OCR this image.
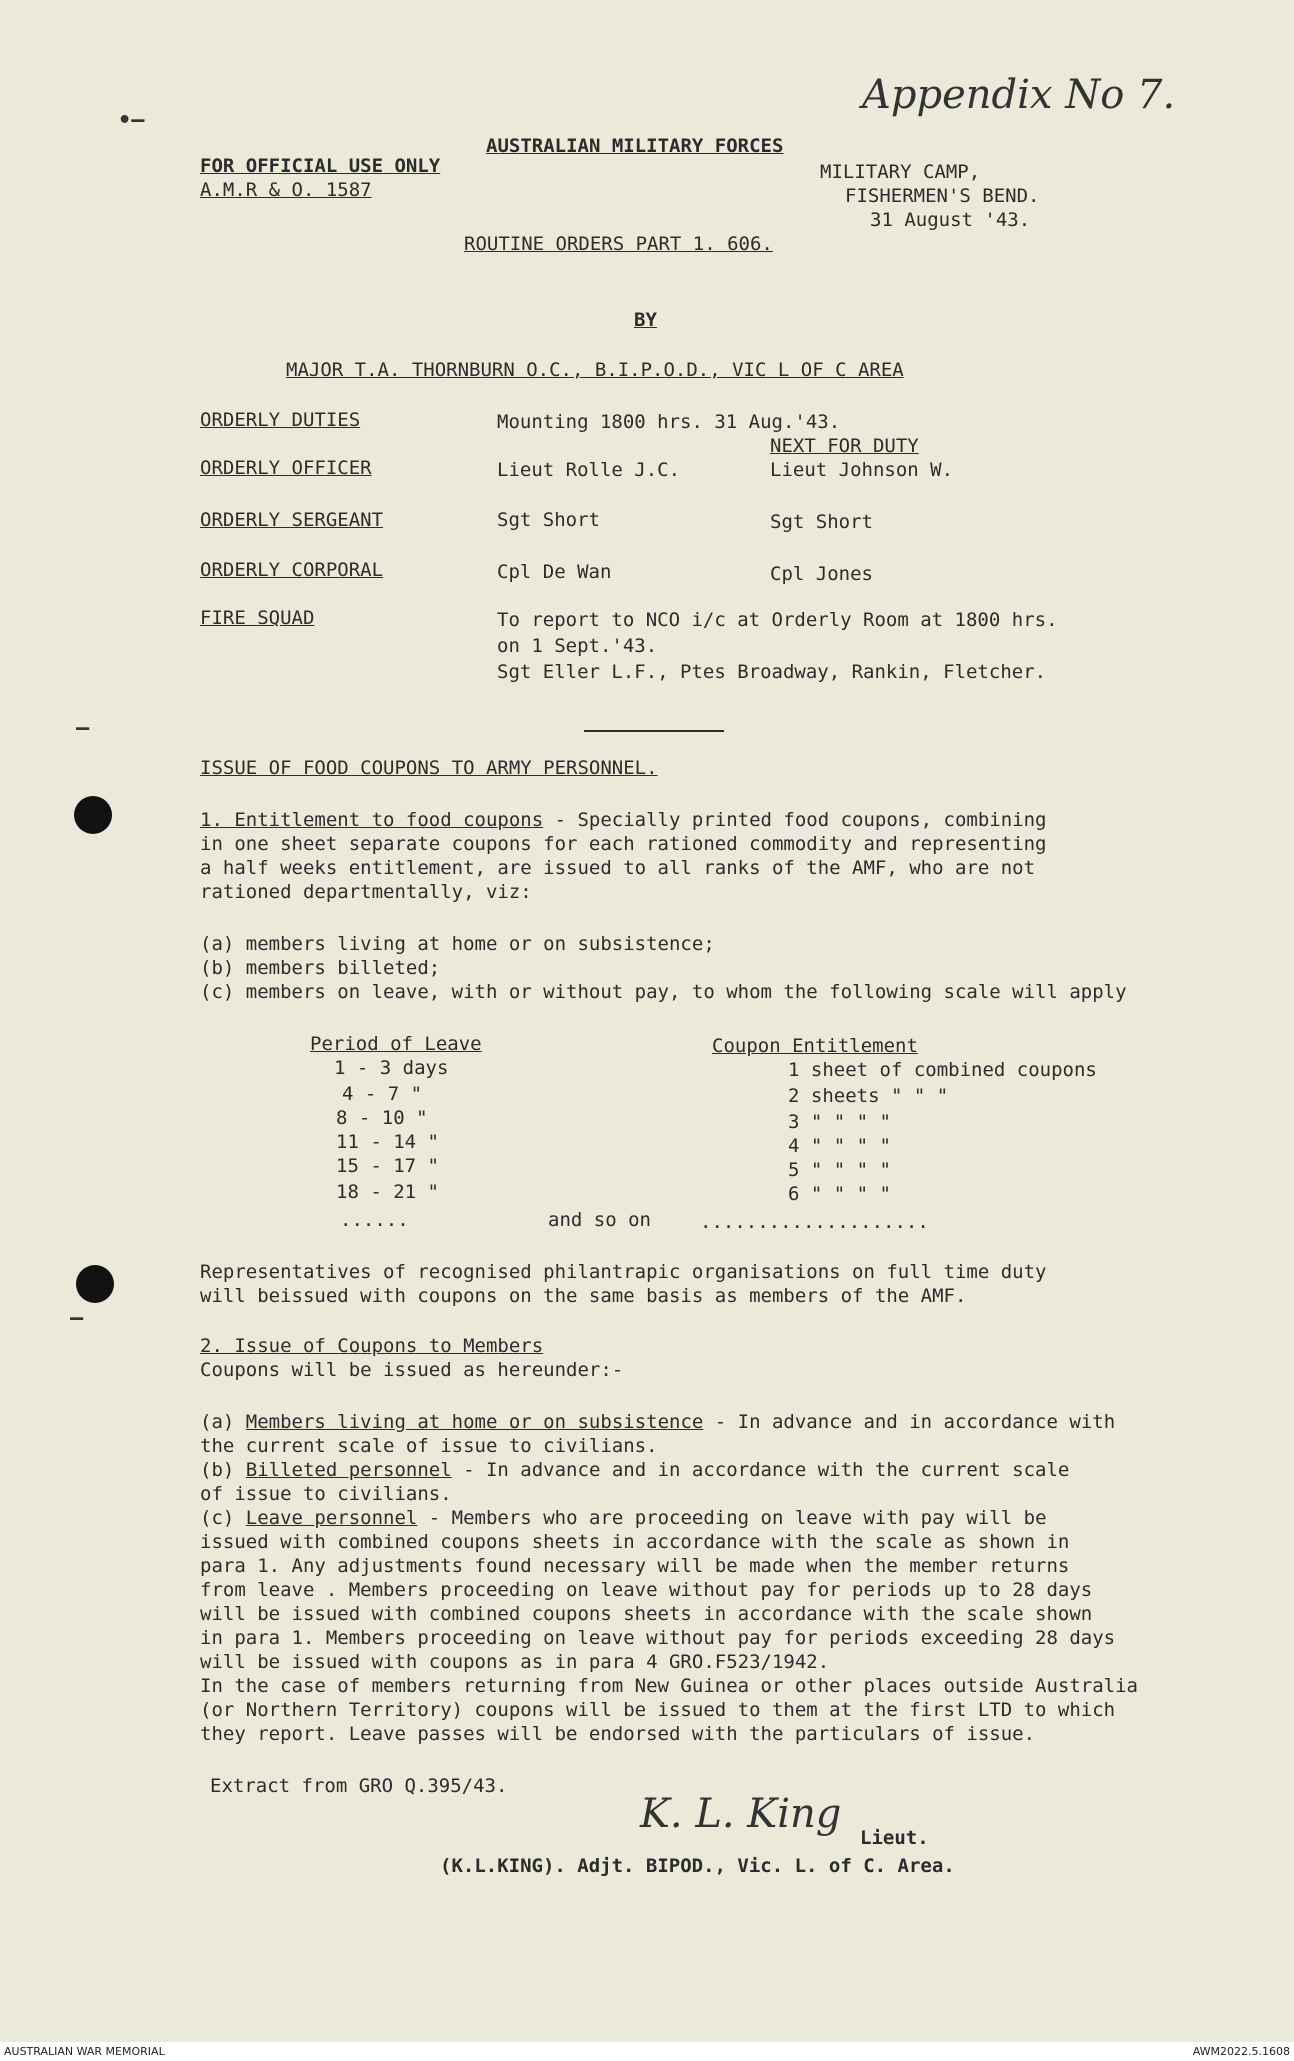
Appendix No 7.
•—
—
–
AUSTRALIAN MILITARY FORCES
FOR OFFICIAL USE ONLY
A.M.R & O. 1587
MILITARY CAMP,
FISHERMEN'S BEND.
31 August '43.
ROUTINE ORDERS PART 1. 606.
BY
MAJOR T.A. THORNBURN O.C., B.I.P.O.D., VIC L OF C AREA
ORDERLY DUTIES	Mounting 1800 hrs. 31 Aug.'43.
NEXT FOR DUTY
ORDERLY OFFICER	Lieut Rolle J.C.	Lieut Johnson W.
ORDERLY SERGEANT	Sgt Short	Sgt Short
ORDERLY CORPORAL	Cpl De Wan	Cpl Jones
FIRE SQUAD	To report to NCO i/c at Orderly Room at 1800 hrs.
on 1 Sept.'43.
Sgt Eller L.F., Ptes Broadway, Rankin, Fletcher.
ISSUE OF FOOD COUPONS TO ARMY PERSONNEL.
1. Entitlement to food coupons - Specially printed food coupons, combining
in one sheet separate coupons for each rationed commodity and representing
a half weeks entitlement, are issued to all ranks of the AMF, who are not
rationed departmentally, viz:
(a) members living at home or on subsistence;
(b) members billeted;
(c) members on leave, with or without pay, to whom the following scale will apply
Period of Leave	Coupon Entitlement
1 - 3 days	1 sheet of combined coupons
4 - 7 "	2 sheets " " "
8 - 10 "	3 " " " "
11 - 14 "	4 " " " "
15 - 17 "	5 " " " "
18 - 21 "	6 " " " "
......	and so on	....................
Representatives of recognised philantrapic organisations on full time duty
will beissued with coupons on the same basis as members of the AMF.
2. Issue of Coupons to Members
Coupons will be issued as hereunder:-
(a) Members living at home or on subsistence - In advance and in accordance with
the current scale of issue to civilians.
(b) Billeted personnel - In advance and in accordance with the current scale
of issue to civilians.
(c) Leave personnel - Members who are proceeding on leave with pay will be
issued with combined coupons sheets in accordance with the scale as shown in
para 1. Any adjustments found necessary will be made when the member returns
from leave . Members proceeding on leave without pay for periods up to 28 days
will be issued with combined coupons sheets in accordance with the scale shown
in para 1. Members proceeding on leave without pay for periods exceeding 28 days
will be issued with coupons as in para 4 GRO.F523/1942.
In the case of members returning from New Guinea or other places outside Australia
(or Northern Territory) coupons will be issued to them at the first LTD to which
they report. Leave passes will be endorsed with the particulars of issue.
Extract from GRO Q.395/43.
K. L. King
Lieut.
(K.L.KING). Adjt. BIPOD., Vic. L. of C. Area.
AUSTRALIAN WAR MEMORIAL	AWM2022.5.1608
